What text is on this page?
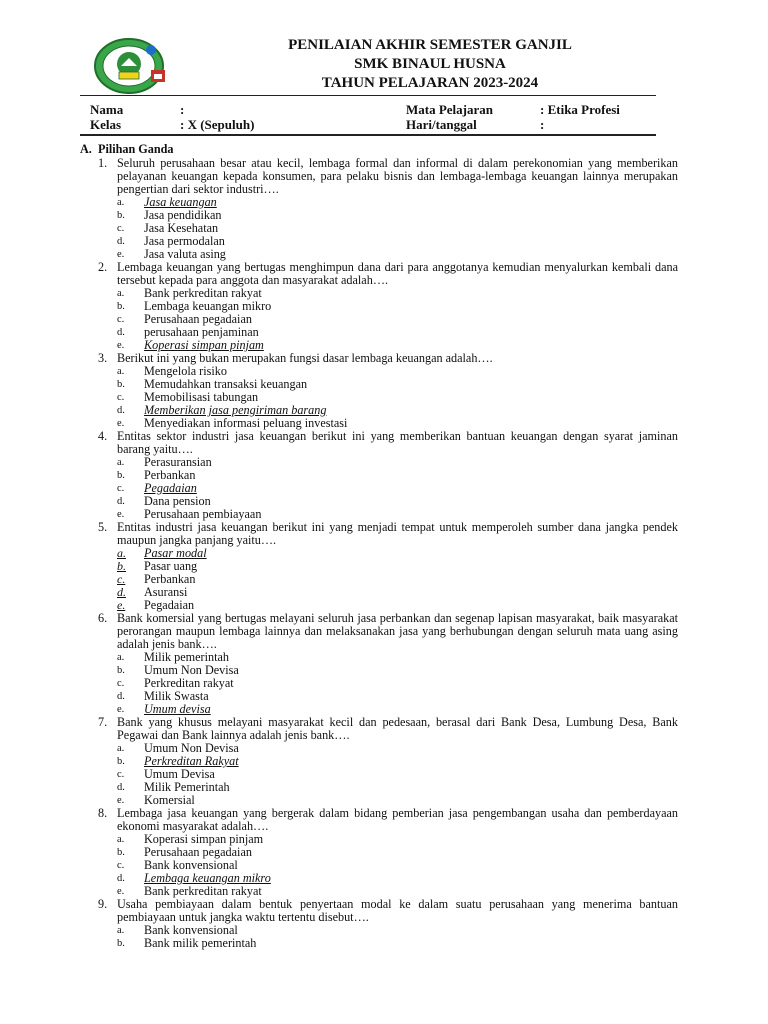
PENILAIAN AKHIR SEMESTER GANJIL
SMK BINAUL HUSNA
TAHUN PELAJARAN 2023-2024
Nama	:	Mata Pelajaran	: Etika Profesi
Kelas	: X (Sepuluh)	Hari/tanggal	:
A. Pilihan Ganda
1. Seluruh perusahaan besar atau kecil, lembaga formal dan informal di dalam perekonomian yang memberikan pelayanan keuangan kepada konsumen, para pelaku bisnis dan lembaga-lembaga keuangan lainnya merupakan pengertian dari sektor industri….
a. Jasa keuangan
b. Jasa pendidikan
c. Jasa Kesehatan
d. Jasa permodalan
e. Jasa valuta asing
2. Lembaga keuangan yang bertugas menghimpun dana dari para anggotanya kemudian menyalurkan kembali dana tersebut kepada para anggota dan masyarakat adalah….
a. Bank perkreditan rakyat
b. Lembaga keuangan mikro
c. Perusahaan pegadaian
d. perusahaan penjaminan
e. Koperasi simpan pinjam
3. Berikut ini yang bukan merupakan fungsi dasar lembaga keuangan adalah….
a. Mengelola risiko
b. Memudahkan transaksi keuangan
c. Memobilisasi tabungan
d. Memberikan jasa pengiriman barang
e. Menyediakan informasi peluang investasi
4. Entitas sektor industri jasa keuangan berikut ini yang memberikan bantuan keuangan dengan syarat jaminan barang yaitu….
a. Perasuransian
b. Perbankan
c. Pegadaian
d. Dana pension
e. Perusahaan pembiayaan
5. Entitas industri jasa keuangan berikut ini yang menjadi tempat untuk memperoleh sumber dana jangka pendek maupun jangka panjang yaitu….
a. Pasar modal
b. Pasar uang
c. Perbankan
d. Asuransi
e. Pegadaian
6. Bank komersial yang bertugas melayani seluruh jasa perbankan dan segenap lapisan masyarakat, baik masyarakat perorangan maupun lembaga lainnya dan melaksanakan jasa yang berhubungan dengan seluruh mata uang asing adalah jenis bank….
a. Milik pemerintah
b. Umum Non Devisa
c. Perkreditan rakyat
d. Milik Swasta
e. Umum devisa
7. Bank yang khusus melayani masyarakat kecil dan pedesaan, berasal dari Bank Desa, Lumbung Desa, Bank Pegawai dan Bank lainnya adalah jenis bank….
a. Umum Non Devisa
b. Perkreditan Rakyat
c. Umum Devisa
d. Milik Pemerintah
e. Komersial
8. Lembaga jasa keuangan yang bergerak dalam bidang pemberian jasa pengembangan usaha dan pemberdayaan ekonomi masyarakat adalah….
a. Koperasi simpan pinjam
b. Perusahaan pegadaian
c. Bank konvensional
d. Lembaga keuangan mikro
e. Bank perkreditan rakyat
9. Usaha pembiayaan dalam bentuk penyertaan modal ke dalam suatu perusahaan yang menerima bantuan pembiayaan untuk jangka waktu tertentu disebut….
a. Bank konvensional
b. Bank milik pemerintah
